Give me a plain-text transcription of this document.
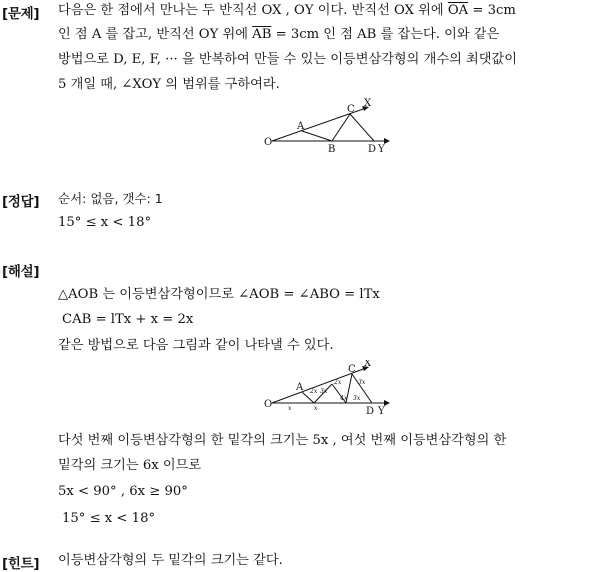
[문제] 다음은 한 점에서 만나는 두 반직선 OX , OY 이다. 반직선 OX 위에 $\overline{OA} = 3cm$
인 점 A 를 잡고, 반직선 OY 위에 $\overline{AB} = 3cm$ 인 점 AB 를 잡는다. 이와 같은
방법으로 D, E, F, ··· 을 반복하여 만들 수 있는 이등변삼각형의 개수의 최댓값이
5 개일 때, ∠XOY 의 범위를 구하여라.
O
A
B
C
D
X
Y
[정답] 순서: 없음, 갯수: 1
15° ≤ x < 18°
[해설]
△AOB 는 이등변삼각형이므로 ∠AOB = ∠ABO = lTx
CAB = lTx + x = 2x
같은 방법으로 다음 그림과 같이 나타낼 수 있다.
O
A
C
D
X
Y
x	x
2x 3x
4x 3x
2x	3x
다섯 번째 이등변삼각형의 한 밑각의 크기는 5x , 여섯 번째 이등변삼각형의 한
밑각의 크기는 6x 이므로
5x < 90° , 6x ≥ 90°
15° ≤ x < 18°
[힌트] 이등변삼각형의 두 밑각의 크기는 같다.
